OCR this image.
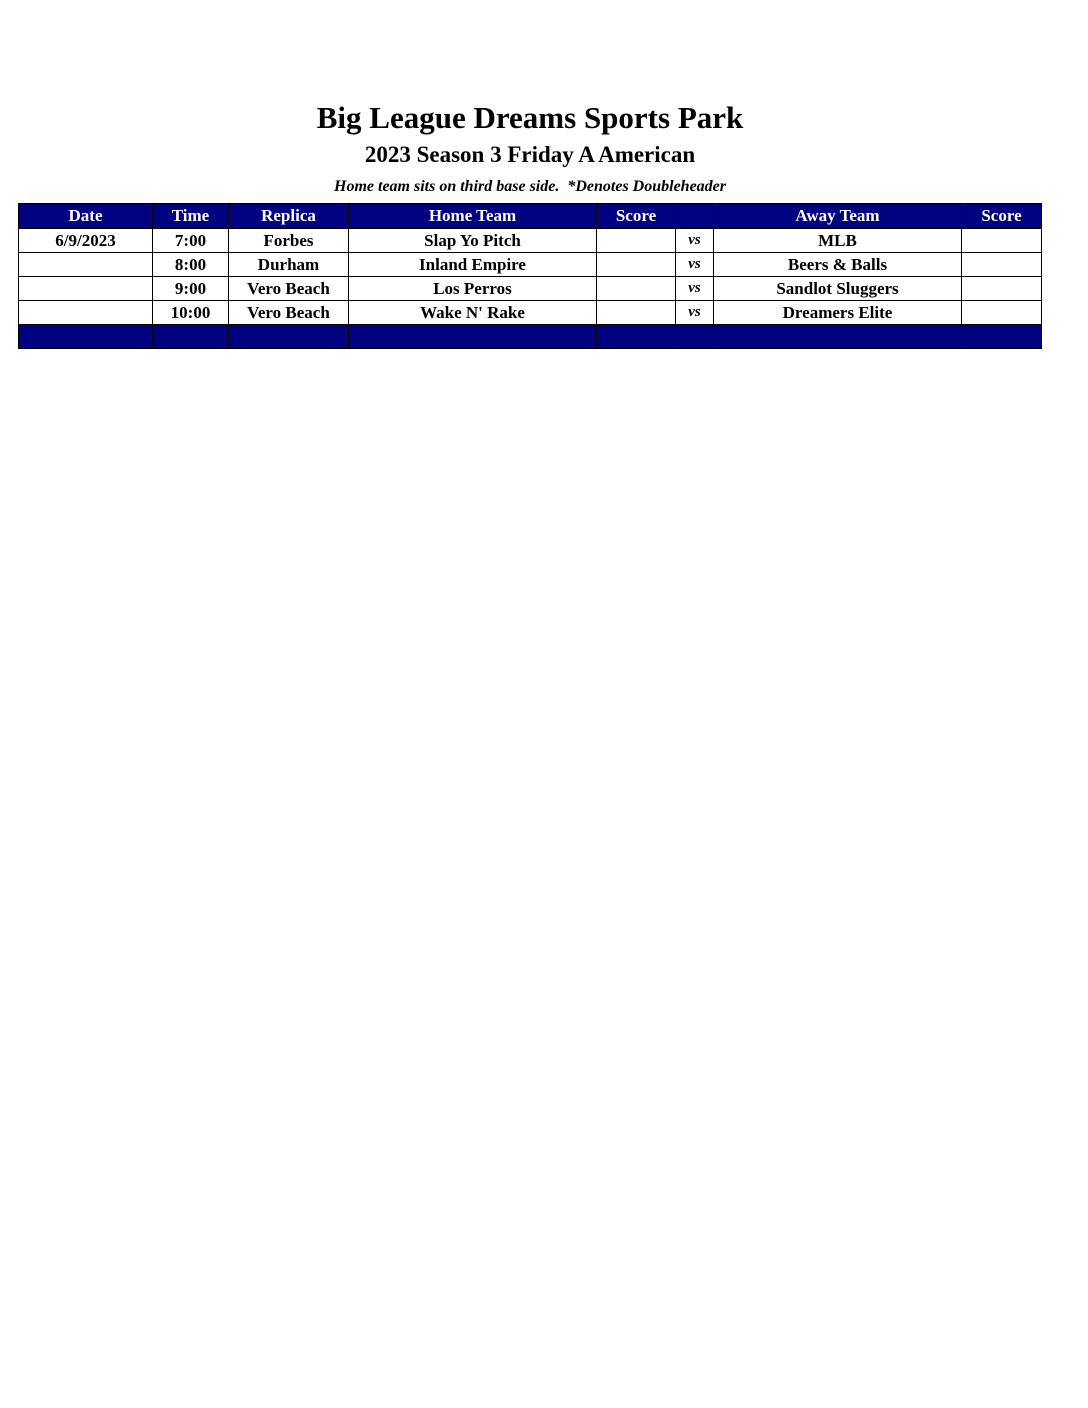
Big League Dreams Sports Park
2023 Season 3 Friday A American
Home team sits on third base side.  *Denotes Doubleheader
Date	Time	Replica	Home Team	Score		Away Team	Score
6/9/2023	7:00	Forbes	Slap Yo Pitch		vs	MLB	
	8:00	Durham	Inland Empire		vs	Beers & Balls	
	9:00	Vero Beach	Los Perros		vs	Sandlot Sluggers	
	10:00	Vero Beach	Wake N' Rake		vs	Dreamers Elite	
